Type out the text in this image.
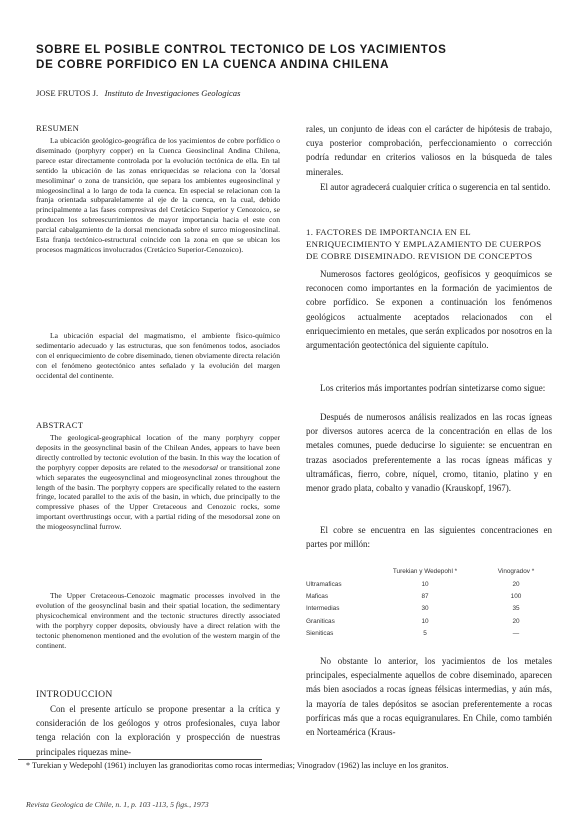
SOBRE EL POSIBLE CONTROL TECTONICO DE LOS YACIMIENTOS
DE COBRE PORFIDICO EN LA CUENCA ANDINA CHILENA
JOSE FRUTOS J. Instituto de Investigaciones Geologicas
RESUMEN

La ubicación geológico-geográfica de los yacimientos de cobre porfídico o diseminado (porphyry copper) en la Cuenca Geosinclinal Andina Chilena, parece estar directamente controlada por la evolución tectónica de ella. En tal sentido la ubicación de las zonas enriquecidas se relaciona con la 'dorsal mesoliminar' o zona de transición, que separa los ambientes eugeosinclinal y miogeosinclinal a lo largo de toda la cuenca. En especial se relacionan con la franja orientada subparalelamente al eje de la cuenca, en la cual, debido principalmente a las fases compresivas del Cretácico Superior y Cenozoico, se producen los sobreescurrimientos de mayor importancia hacia el este con parcial cabalgamiento de la dorsal mencionada sobre el surco miogeosinclinal. Esta franja tectónico-estructural coincide con la zona en que se ubican los procesos magmáticos involucrados (Cretácico Superior-Cenozoico).

La ubicación espacial del magmatismo, el ambiente físico-químico sedimentario adecuado y las estructuras, que son fenómenos todos, asociados con el enriquecimiento de cobre diseminado, tienen obviamente directa relación con el fenómeno geotectónico antes señalado y la evolución del margen occidental del continente.

ABSTRACT

The geological-geographical location of the many porphyry copper deposits in the geosynclinal basin of the Chilean Andes, appears to have been directly controlled by tectonic evolution of the basin. In this way the location of the porphyry copper deposits are related to the mesodorsal or transitional zone which separates the eugeosynclinal and miogeosynclinal zones throughout the length of the basin. The porphyry coppers are specifically related to the eastern fringe, located parallel to the axis of the basin, in which, due principally to the compressive phases of the Upper Cretaceous and Cenozoic rocks, some important overthrustings occur, with a partial riding of the mesodorsal zone on the miogeosynclinal furrow.

The Upper Cretaceous-Cenozoic magmatic processes involved in the evolution of the geosynclinal basin and their spatial location, the sedimentary physicochemical environment and the tectonic structures directly associated with the porphyry copper deposits, obviously have a direct relation with the tectonic phenomenon mentioned and the evolution of the western margin of the continent.

INTRODUCCION

Con el presente artículo se propone presentar a la crítica y consideración de los geólogos y otros profesionales, cuya labor tenga relación con la exploración y prospección de nuestras principales riquezas mine-

rales, un conjunto de ideas con el carácter de hipótesis de trabajo, cuya posterior comprobación, perfeccionamiento o corrección podría redundar en criterios valiosos en la búsqueda de tales minerales.

El autor agradecerá cualquier crítica o sugerencia en tal sentido.

1. FACTORES DE IMPORTANCIA EN EL ENRIQUECIMIENTO Y EMPLAZAMIENTO DE CUERPOS DE COBRE DISEMINADO. REVISION DE CONCEPTOS

Numerosos factores geológicos, geofísicos y geoquímicos se reconocen como importantes en la formación de yacimientos de cobre porfídico. Se exponen a continuación los fenómenos geológicos actualmente aceptados relacionados con el enriquecimiento en metales, que serán explicados por nosotros en la argumentación geotectónica del siguiente capítulo.

Los criterios más importantes podrían sintetizarse como sigue:

Después de numerosos análisis realizados en las rocas ígneas por diversos autores acerca de la concentración en ellas de los metales comunes, puede deducirse lo siguiente: se encuentran en trazas asociados preferentemente a las rocas ígneas máficas y ultramáficas, fierro, cobre, níquel, cromo, titanio, platino y en menor grado plata, cobalto y vanadio (Krauskopf, 1967).

El cobre se encuentra en las siguientes concentraciones en partes por millón:

	Turekian y Wedepohl *	Vinogradov *
Ultramaficas	10	20
Maficas	87	100
Intermedias	30	35
Graniticas	10	20
Sieniticas	5	—

No obstante lo anterior, los yacimientos de los metales principales, especialmente aquellos de cobre diseminado, aparecen más bien asociados a rocas ígneas félsicas intermedias, y aún más, la mayoría de tales depósitos se asocian preferentemente a rocas porfíricas más que a rocas equigranulares. En Chile, como también en Norteamérica (Kraus-

* Turekian y Wedepohl (1961) incluyen las granodioritas como rocas intermedias; Vinogradov (1962) las incluye en los granitos.
Revista Geologica de Chile, n. 1, p. 103 -113, 5 figs., 1973
